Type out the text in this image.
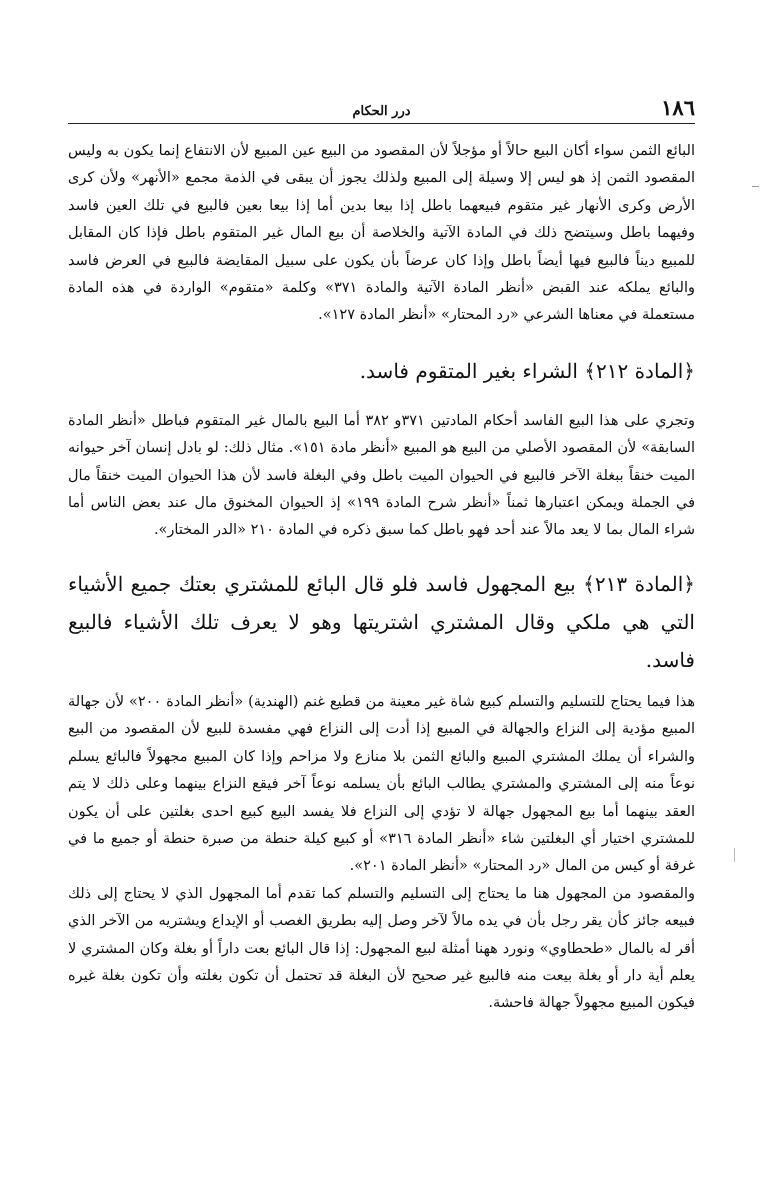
١٨٦
درر الحكام

البائع الثمن سواء أكان البيع حالاً أو مؤجلاً لأن المقصود من البيع عين المبيع لأن الانتفاع إنما يكون به وليس المقصود الثمن إذ هو ليس إلا وسيلة إلى المبيع ولذلك يجوز أن يبقى في الذمة مجمع «الأنهر» ولأن كرى الأرض وكرى الأنهار غير متقوم فبيعهما باطل إذا بيعا بدين أما إذا بيعا بعين فالبيع في تلك العين فاسد وفيهما باطل وسيتضح ذلك في المادة الآتية والخلاصة أن بيع المال غير المتقوم باطل فإذا كان المقابل للمبيع ديناً فالبيع فيها أيضاً باطل وإذا كان عرضاً بأن يكون على سبيل المقايضة فالبيع في العرض فاسد والبائع يملكه عند القبض «أنظر المادة الآتية والمادة ٣٧١» وكلمة «متقوم» الواردة في هذه المادة مستعملة في معناها الشرعي «رد المحتار» «أنظر المادة ١٢٧».

﴿المادة ٢١٢﴾ الشراء بغير المتقوم فاسد.

وتجري على هذا البيع الفاسد أحكام المادتين ٣٧١و ٣٨٢ أما البيع بالمال غير المتقوم فباطل «أنظر المادة السابقة» لأن المقصود الأصلي من البيع هو المبيع «أنظر مادة ١٥١». مثال ذلك: لو بادل إنسان آخر حيوانه الميت خنقاً ببغلة الآخر فالبيع في الحيوان الميت باطل وفي البغلة فاسد لأن هذا الحيوان الميت خنقاً مال في الجملة ويمكن اعتبارها ثمناً «أنظر شرح المادة ١٩٩» إذ الحيوان المخنوق مال عند بعض الناس أما شراء المال بما لا يعد مالاً عند أحد فهو باطل كما سبق ذكره في المادة ٢١٠ «الدر المختار».

﴿المادة ٢١٣﴾ بيع المجهول فاسد فلو قال البائع للمشتري بعتك جميع الأشياء التي هي ملكي وقال المشتري اشتريتها وهو لا يعرف تلك الأشياء فالبيع فاسد.

هذا فيما يحتاج للتسليم والتسلم كبيع شاة غير معينة من قطيع غنم (الهندية) «أنظر المادة ٢٠٠» لأن جهالة المبيع مؤدية إلى النزاع والجهالة في المبيع إذا أدت إلى النزاع فهي مفسدة للبيع لأن المقصود من البيع والشراء أن يملك المشتري المبيع والبائع الثمن بلا منازع ولا مزاحم وإذا كان المبيع مجهولاً فالبائع يسلم نوعاً منه إلى المشتري والمشتري يطالب البائع بأن يسلمه نوعاً آخر فيقع النزاع بينهما وعلى ذلك لا يتم العقد بينهما أما بيع المجهول جهالة لا تؤدي إلى النزاع فلا يفسد البيع كبيع احدى بغلتين على أن يكون للمشتري اختيار أي البغلتين شاء «أنظر المادة ٣١٦» أو كبيع كيلة حنطة من صبرة حنطة أو جميع ما في غرفة أو كيس من المال «رد المحتار» «أنظر المادة ٢٠١».

والمقصود من المجهول هنا ما يحتاج إلى التسليم والتسلم كما تقدم أما المجهول الذي لا يحتاج إلى ذلك فبيعه جائز كأن يقر رجل بأن في يده مالاً لآخر وصل إليه بطريق الغصب أو الإيداع ويشتريه من الآخر الذي أقر له بالمال «طحطاوي» ونورد ههنا أمثلة لبيع المجهول: إذا قال البائع بعت داراً أو بغلة وكان المشتري لا يعلم أية دار أو بغلة بيعت منه فالبيع غير صحيح لأن البغلة قد تحتمل أن تكون بغلته وأن تكون بغلة غيره فيكون المبيع مجهولاً جهالة فاحشة.
